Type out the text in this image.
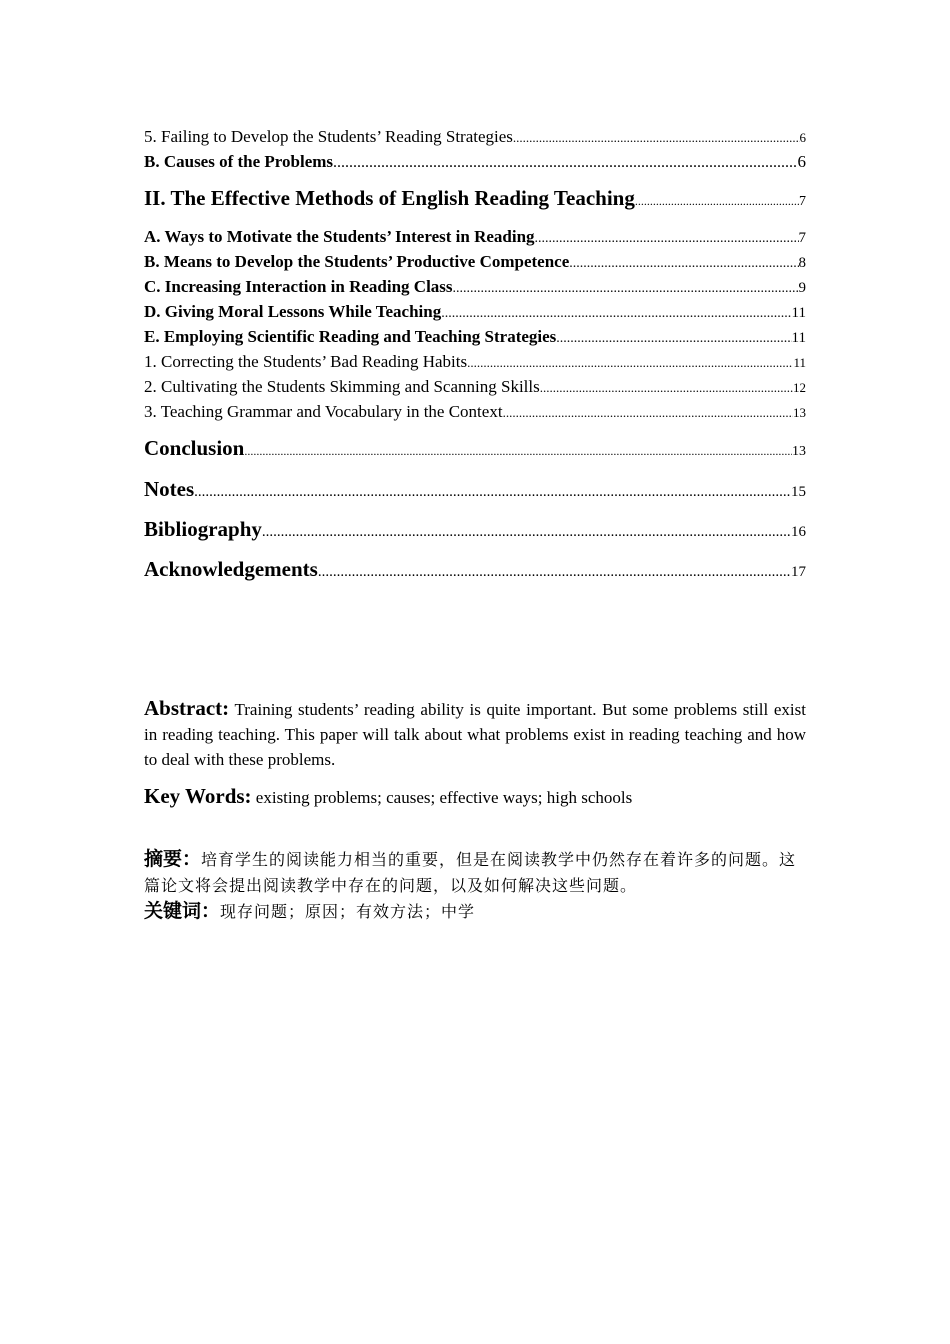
5. Failing to Develop the Students’ Reading Strategies .....	6
B. Causes of the Problems .....	6
II. The Effective Methods of English Reading Teaching .....	7
A. Ways to Motivate the Students’ Interest in Reading .....	7
B. Means to Develop the Students’ Productive Competence .....	8
C. Increasing Interaction in Reading Class .....	9
D. Giving Moral Lessons While Teaching .....	11
E. Employing Scientific Reading and Teaching Strategies .....	11
1. Correcting the Students’ Bad Reading Habits .....	11
2. Cultivating the Students Skimming and Scanning Skills .....	12
3. Teaching Grammar and Vocabulary in the Context .....	13
Conclusion .....	13
Notes .....	15
Bibliography .....	16
Acknowledgements .....	17
Abstract: Training students’ reading ability is quite important. But some problems still exist in reading teaching. This paper will talk about what problems exist in reading teaching and how to deal with these problems.
Key Words: existing problems; causes; effective ways; high schools
摘要：培育学生的阅读能力相当的重要，但是在阅读教学中仍然存在着许多的问题。这篇论文将会提出阅读教学中存在的问题，以及如何解决这些问题。
关键词：现存问题；原因；有效方法；中学
